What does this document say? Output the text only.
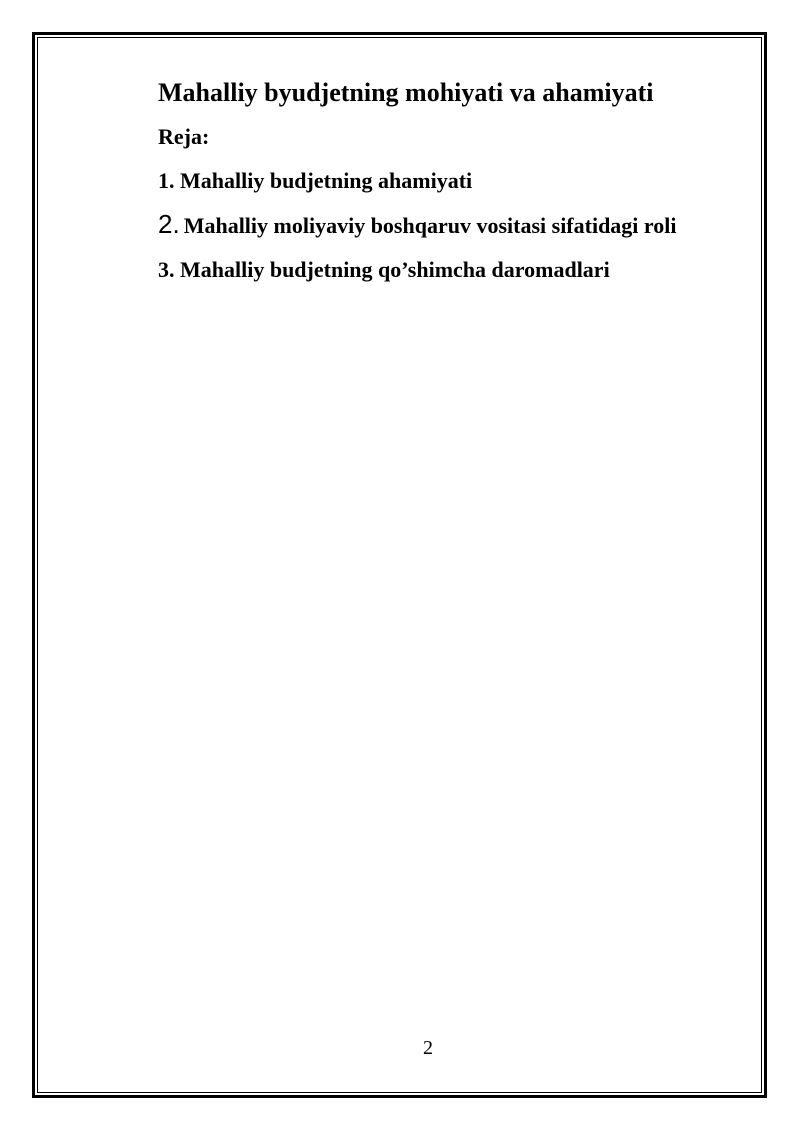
Mahalliy byudjetning mohiyati va ahamiyati

Reja:

1. Mahalliy budjetning ahamiyati

2. Mahalliy moliyaviy boshqaruv vositasi sifatidagi roli

3. Mahalliy budjetning qo’shimcha daromadlari

2
